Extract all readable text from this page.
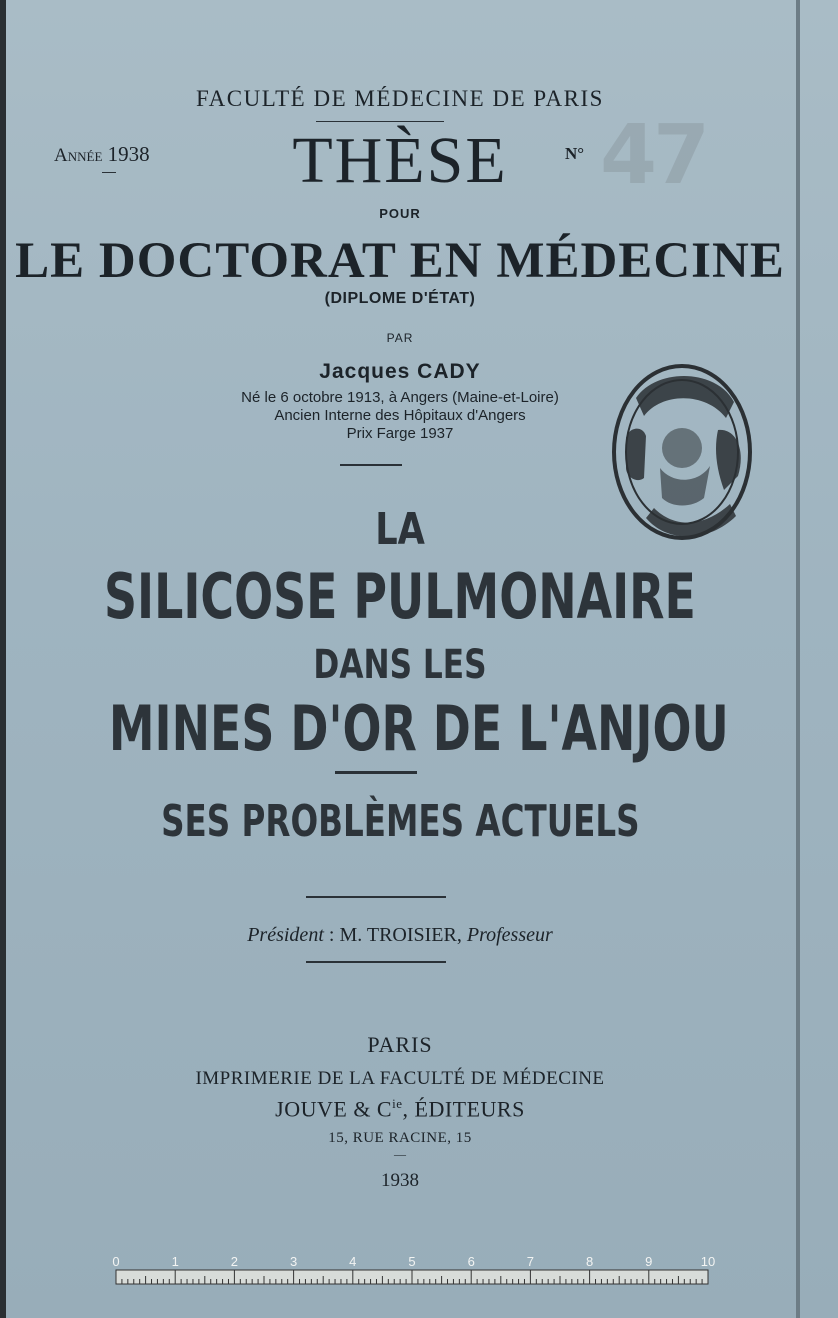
FACULTÉ DE MÉDECINE DE PARIS
Année 1938	N° 47
THÈSE
POUR
LE DOCTORAT EN MÉDECINE
(DIPLOME D'ÉTAT)
PAR
Jacques CADY
Né le 6 octobre 1913, à Angers (Maine-et-Loire)
Ancien Interne des Hôpitaux d'Angers
Prix Farge 1937
LA
SILICOSE PULMONAIRE
DANS LES
MINES D'OR DE L'ANJOU
SES PROBLÈMES ACTUELS
Président : M. TROISIER, Professeur
PARIS
IMPRIMERIE DE LA FACULTÉ DE MÉDECINE
JOUVE & $C^{ie}$, ÉDITEURS
15, RUE RACINE, 15
—
1938
0	1	2	3	4	5	6	7	8	9	10
